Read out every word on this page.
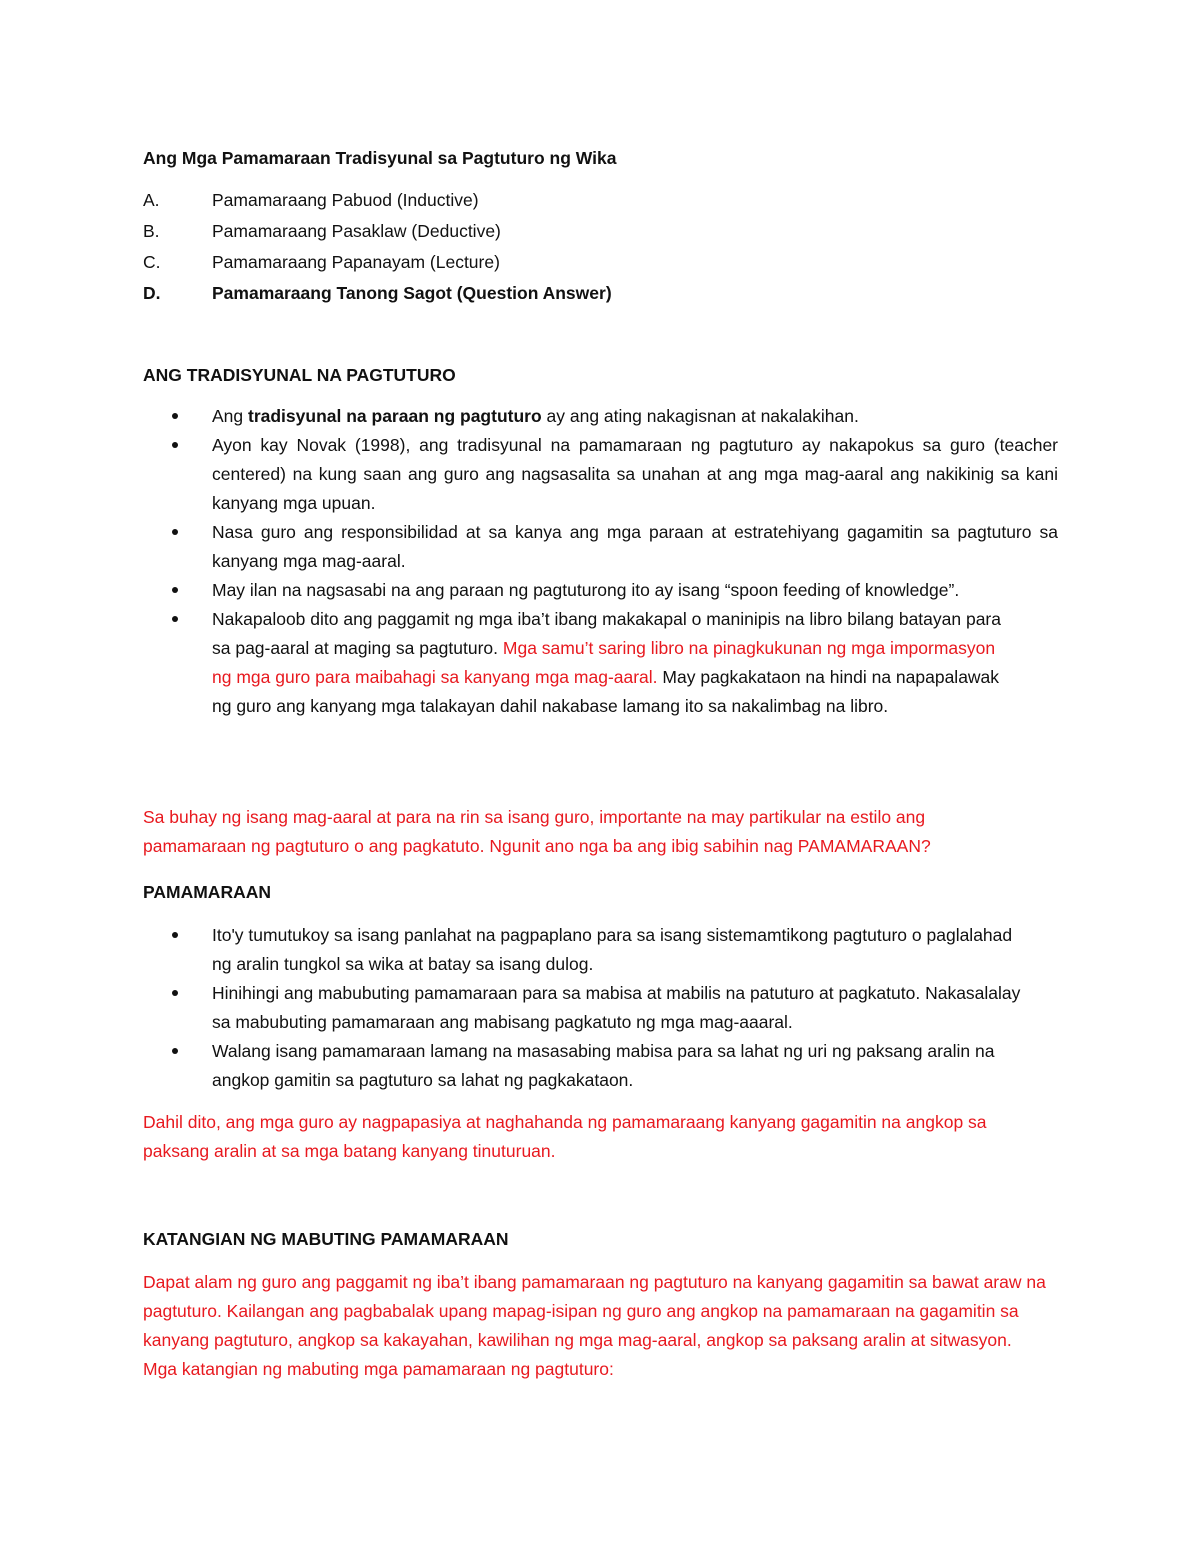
Ang Mga Pamamaraan Tradisyunal sa Pagtuturo ng Wika
A.	Pamamaraang Pabuod (Inductive)
B.	Pamamaraang Pasaklaw (Deductive)
C.	Pamamaraang Papanayam (Lecture)
D.	Pamamaraang Tanong Sagot (Question Answer)
ANG TRADISYUNAL NA PAGTUTURO
Ang tradisyunal na paraan ng pagtuturo ay ang ating nakagisnan at nakalakihan.
Ayon kay Novak (1998), ang tradisyunal na pamamaraan ng pagtuturo ay nakapokus sa guro (teacher centered) na kung saan ang guro ang nagsasalita sa unahan at ang mga mag-aaral ang nakikinig sa kani kanyang mga upuan.
Nasa guro ang responsibilidad at sa kanya ang mga paraan at estratehiyang gagamitin sa pagtuturo sa kanyang mga mag-aaral.
May ilan na nagsasabi na ang paraan ng pagtuturong ito ay isang “spoon feeding of knowledge”.
Nakapaloob dito ang paggamit ng mga iba’t ibang makakapal o maninipis na libro bilang batayan para sa pag-aaral at maging sa pagtuturo. Mga samu’t saring libro na pinagkukunan ng mga impormasyon ng mga guro para maibahagi sa kanyang mga mag-aaral. May pagkakataon na hindi na napapalawak ng guro ang kanyang mga talakayan dahil nakabase lamang ito sa nakalimbag na libro.
Sa buhay ng isang mag-aaral at para na rin sa isang guro, importante na may partikular na estilo ang pamamaraan ng pagtuturo o ang pagkatuto. Ngunit ano nga ba ang ibig sabihin nag PAMAMARAAN?
PAMAMARAAN
Ito'y tumutukoy sa isang panlahat na pagpaplano para sa isang sistemamtikong pagtuturo o paglalahad ng aralin tungkol sa wika at batay sa isang dulog.
Hinihingi ang mabubuting pamamaraan para sa mabisa at mabilis na patuturo at pagkatuto. Nakasalalay sa mabubuting pamamaraan ang mabisang pagkatuto ng mga mag-aaaral.
Walang isang pamamaraan lamang na masasabing mabisa para sa lahat ng uri ng paksang aralin na angkop gamitin sa pagtuturo sa lahat ng pagkakataon.
Dahil dito, ang mga guro ay nagpapasiya at naghahanda ng pamamaraang kanyang gagamitin na angkop sa paksang aralin at sa mga batang kanyang tinuturuan.
KATANGIAN NG MABUTING PAMAMARAAN
Dapat alam ng guro ang paggamit ng iba’t ibang pamamaraan ng pagtuturo na kanyang gagamitin sa bawat araw na pagtuturo. Kailangan ang pagbabalak upang mapag-isipan ng guro ang angkop na pamamaraan na gagamitin sa kanyang pagtuturo, angkop sa kakayahan, kawilihan ng mga mag-aaral, angkop sa paksang aralin at sitwasyon. Mga katangian ng mabuting mga pamamaraan ng pagtuturo:
